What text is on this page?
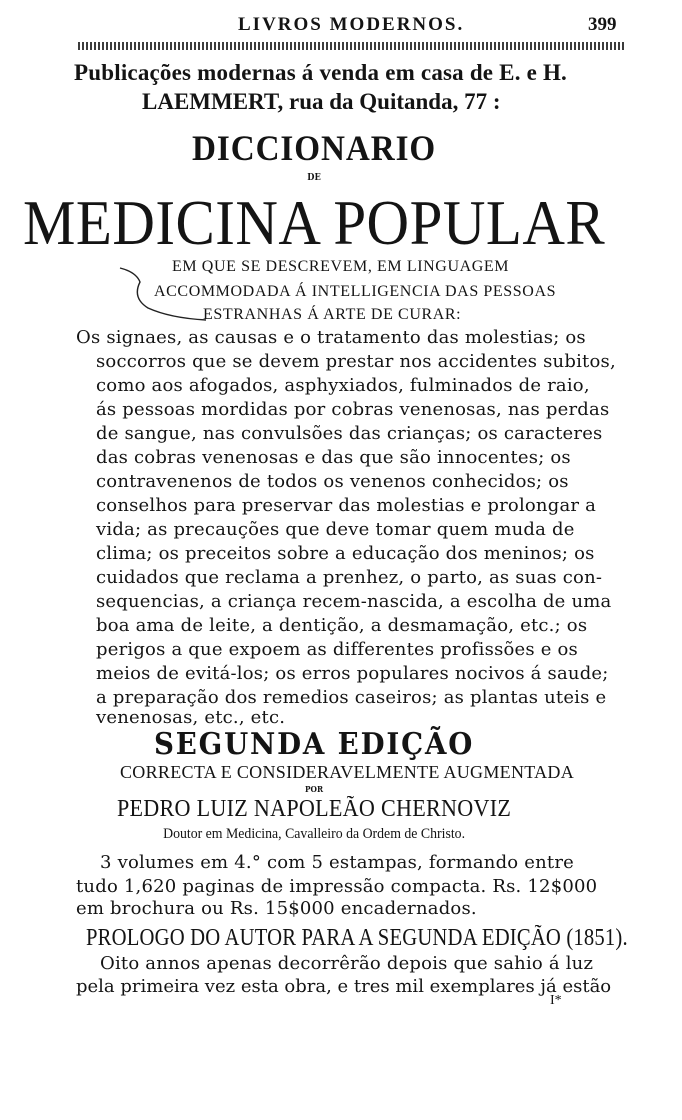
LIVROS MODERNOS.	399
Publicações modernas á venda em casa de E. e H.
LAEMMERT, rua da Quitanda, 77 :
DICCIONARIO
DE
MEDICINA POPULAR
EM QUE SE DESCREVEM, EM LINGUAGEM
ACCOMMODADA Á INTELLIGENCIA DAS PESSOAS
ESTRANHAS Á ARTE DE CURAR:
Os signaes, as causas e o tratamento das molestias; os
soccorros que se devem prestar nos accidentes subitos,
como aos afogados, asphyxiados, fulminados de raio,
ás pessoas mordidas por cobras venenosas, nas perdas
de sangue, nas convulsões das crianças; os caracteres
das cobras venenosas e das que são innocentes; os
contravenenos de todos os venenos conhecidos; os
conselhos para preservar das molestias e prolongar a
vida; as precauções que deve tomar quem muda de
clima; os preceitos sobre a educação dos meninos; os
cuidados que reclama a prenhez, o parto, as suas con-
sequencias, a criança recem-nascida, a escolha de uma
boa ama de leite, a dentição, a desmamação, etc.; os
perigos a que expoem as differentes profissões e os
meios de evitá-los; os erros populares nocivos á saude;
a preparação dos remedios caseiros; as plantas uteis e
venenosas, etc., etc.
SEGUNDA EDIÇÃO
CORRECTA E CONSIDERAVELMENTE AUGMENTADA
POR
PEDRO LUIZ NAPOLEÃO CHERNOVIZ
Doutor em Medicina, Cavalleiro da Ordem de Christo.
3 volumes em 4.° com 5 estampas, formando entre
tudo 1,620 paginas de impressão compacta. Rs. 12$000
em brochura ou Rs. 15$000 encadernados.
PROLOGO DO AUTOR PARA A SEGUNDA EDIÇÃO (1851).
Oito annos apenas decorrêrão depois que sahio á luz
pela primeira vez esta obra, e tres mil exemplares já estão
I*
